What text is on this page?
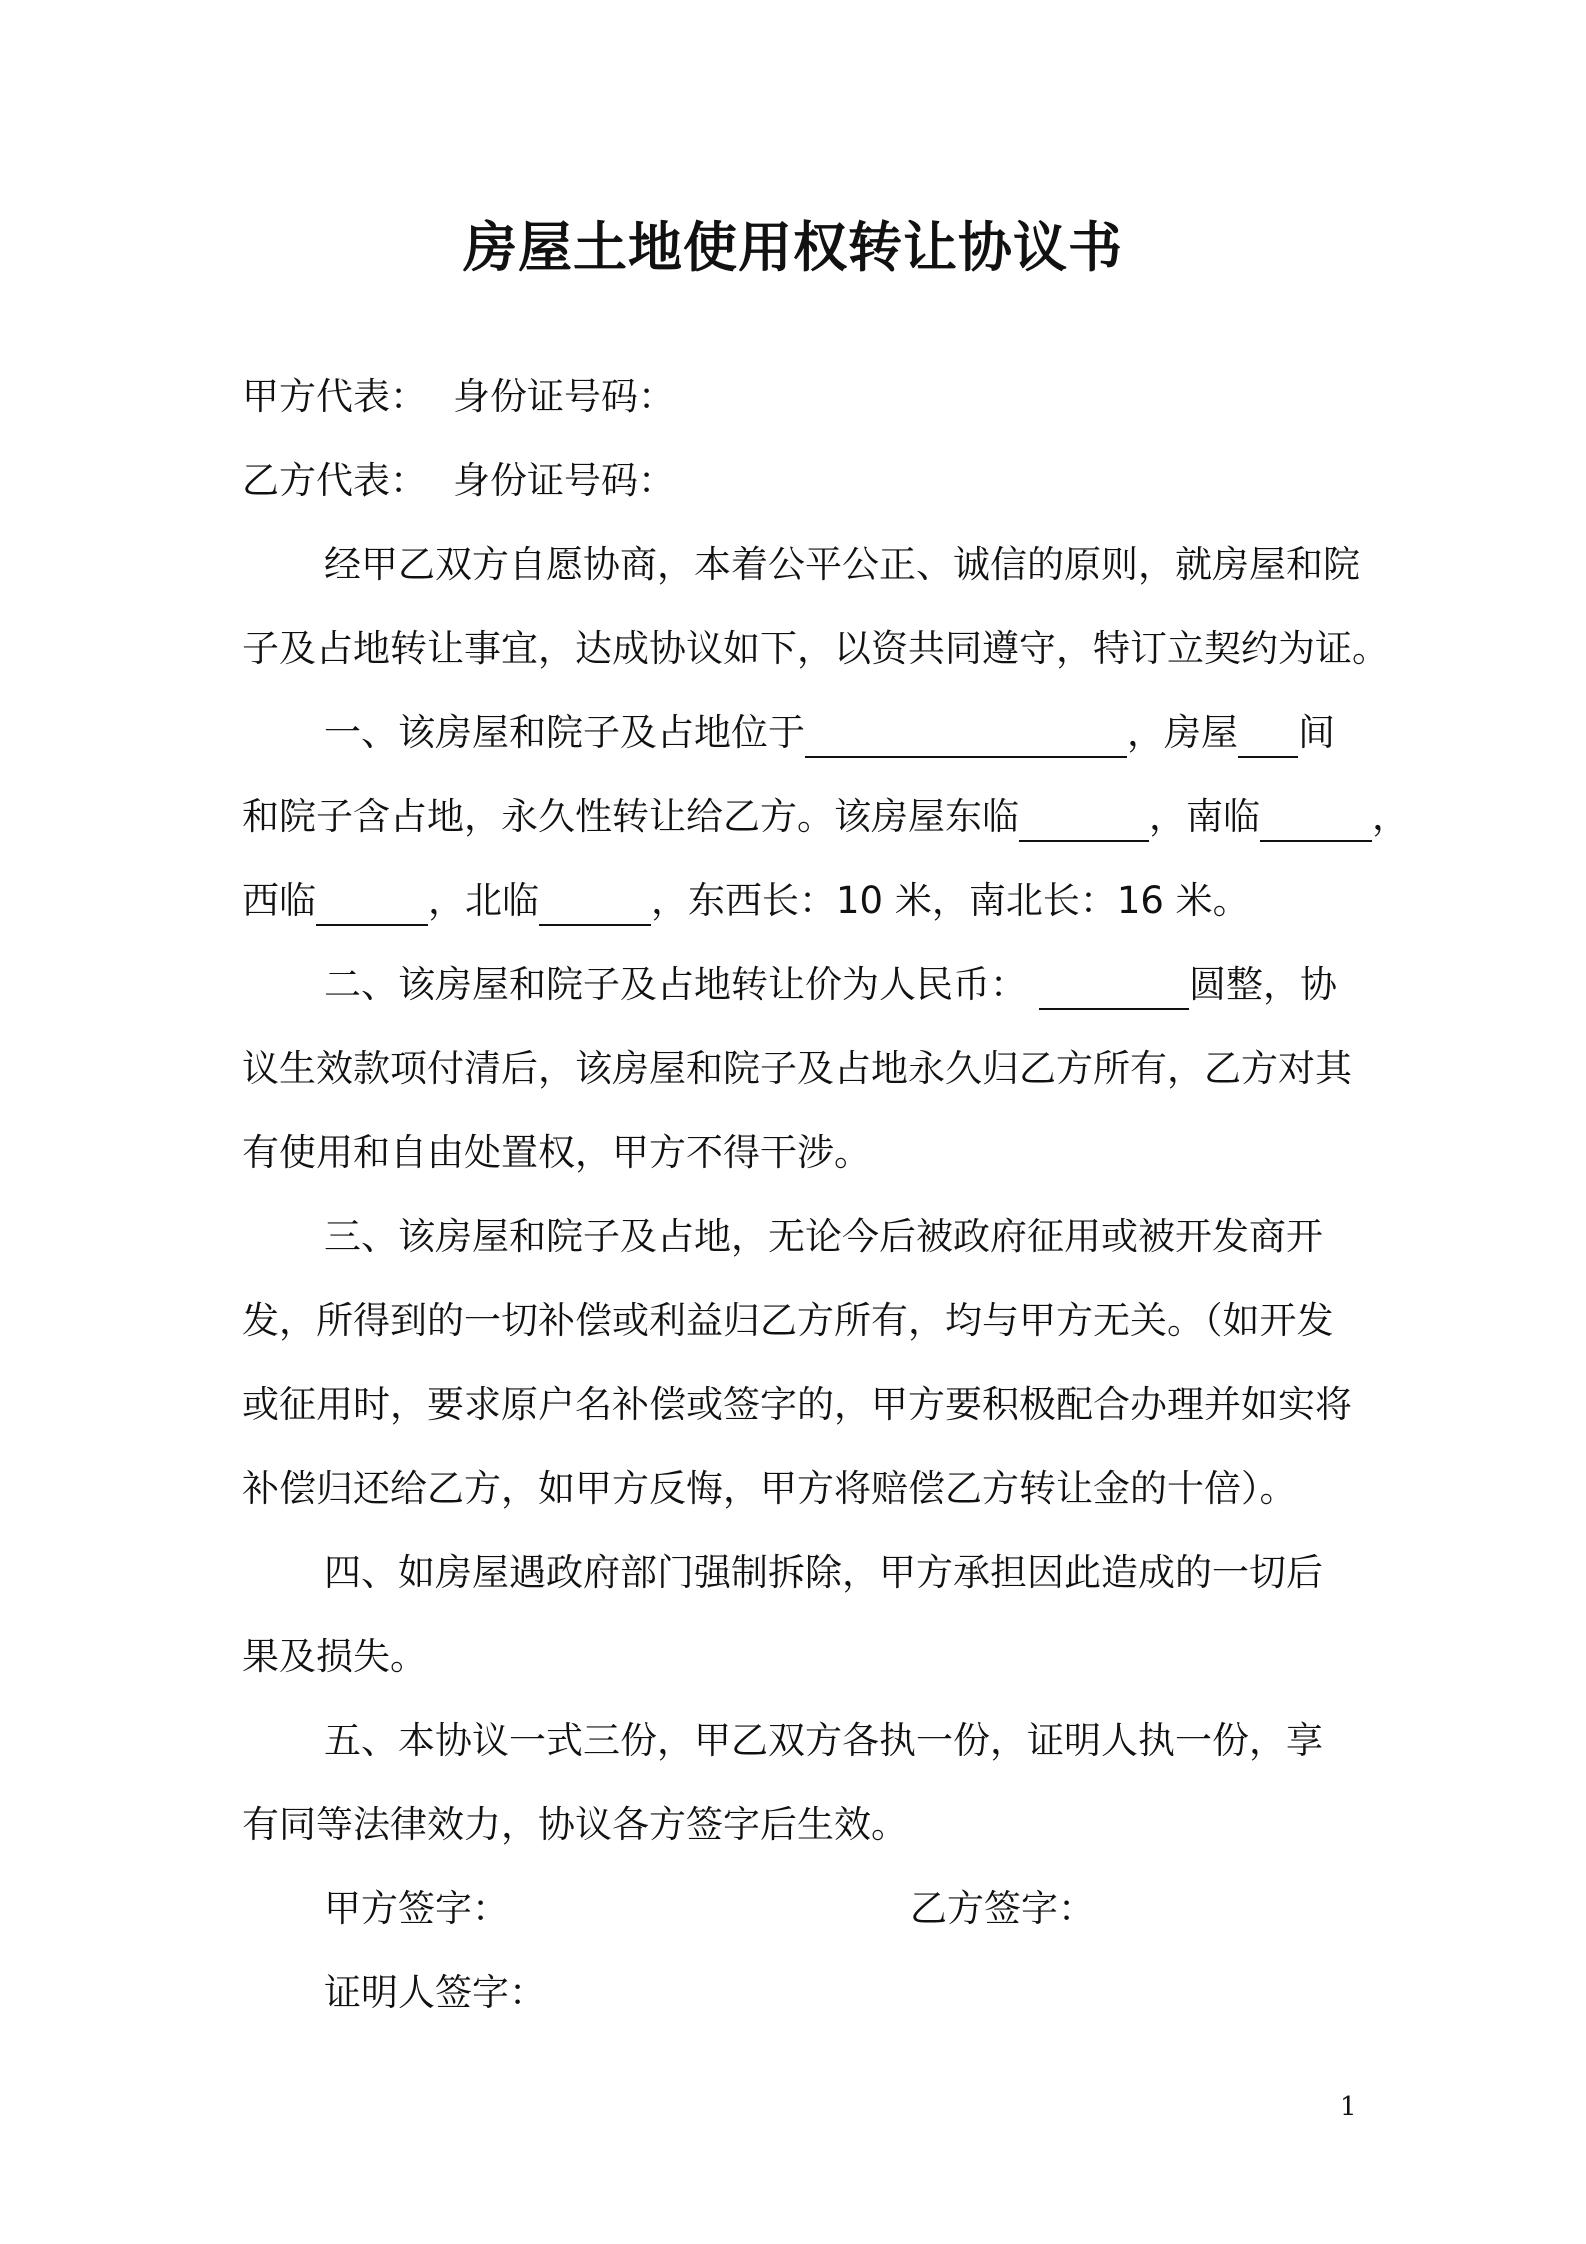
房屋土地使用权转让协议书
甲方代表： 身份证号码：
乙方代表： 身份证号码：
经甲乙双方自愿协商，本着公平公正、诚信的原则，就房屋和院
子及占地转让事宜，达成协议如下，以资共同遵守，特订立契约为证。
一、该房屋和院子及占地位于	，房屋 间
和院子含占地，永久性转让给乙方。该房屋东临	，南临	，
西临	，北临	，东西长：10 米，南北长：16 米。
二、该房屋和院子及占地转让价为人民币：	圆整，协
议生效款项付清后，该房屋和院子及占地永久归乙方所有，乙方对其
有使用和自由处置权，甲方不得干涉。
三、该房屋和院子及占地，无论今后被政府征用或被开发商开
发，所得到的一切补偿或利益归乙方所有，均与甲方无关。（如开发
或征用时，要求原户名补偿或签字的，甲方要积极配合办理并如实将
补偿归还给乙方，如甲方反悔，甲方将赔偿乙方转让金的十倍）。
四、如房屋遇政府部门强制拆除，甲方承担因此造成的一切后
果及损失。
五、本协议一式三份，甲乙双方各执一份，证明人执一份，享
有同等法律效力，协议各方签字后生效。
甲方签字：	乙方签字：
证明人签字：
1
